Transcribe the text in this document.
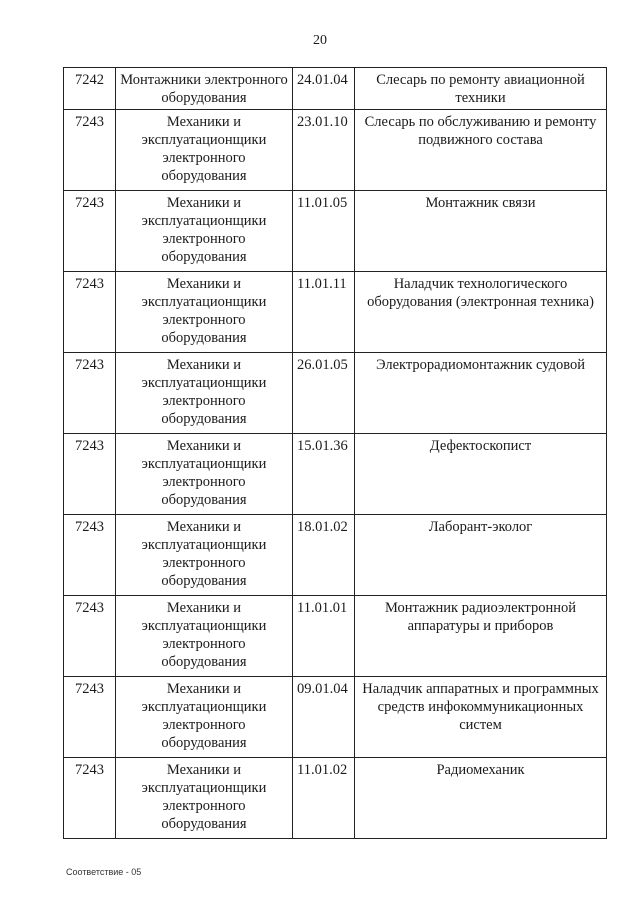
20
7242	Монтажники электронного оборудования	24.01.04	Слесарь по ремонту авиационной техники
7243	Механики и эксплуатационщики электронного оборудования	23.01.10	Слесарь по обслуживанию и ремонту подвижного состава
7243	Механики и эксплуатационщики электронного оборудования	11.01.05	Монтажник связи
7243	Механики и эксплуатационщики электронного оборудования	11.01.11	Наладчик технологического оборудования (электронная техника)
7243	Механики и эксплуатационщики электронного оборудования	26.01.05	Электрорадиомонтажник судовой
7243	Механики и эксплуатационщики электронного оборудования	15.01.36	Дефектоскопист
7243	Механики и эксплуатационщики электронного оборудования	18.01.02	Лаборант-эколог
7243	Механики и эксплуатационщики электронного оборудования	11.01.01	Монтажник радиоэлектронной аппаратуры и приборов
7243	Механики и эксплуатационщики электронного оборудования	09.01.04	Наладчик аппаратных и программных средств инфокоммуникационных систем
7243	Механики и эксплуатационщики электронного оборудования	11.01.02	Радиомеханик
Соответствие - 05
